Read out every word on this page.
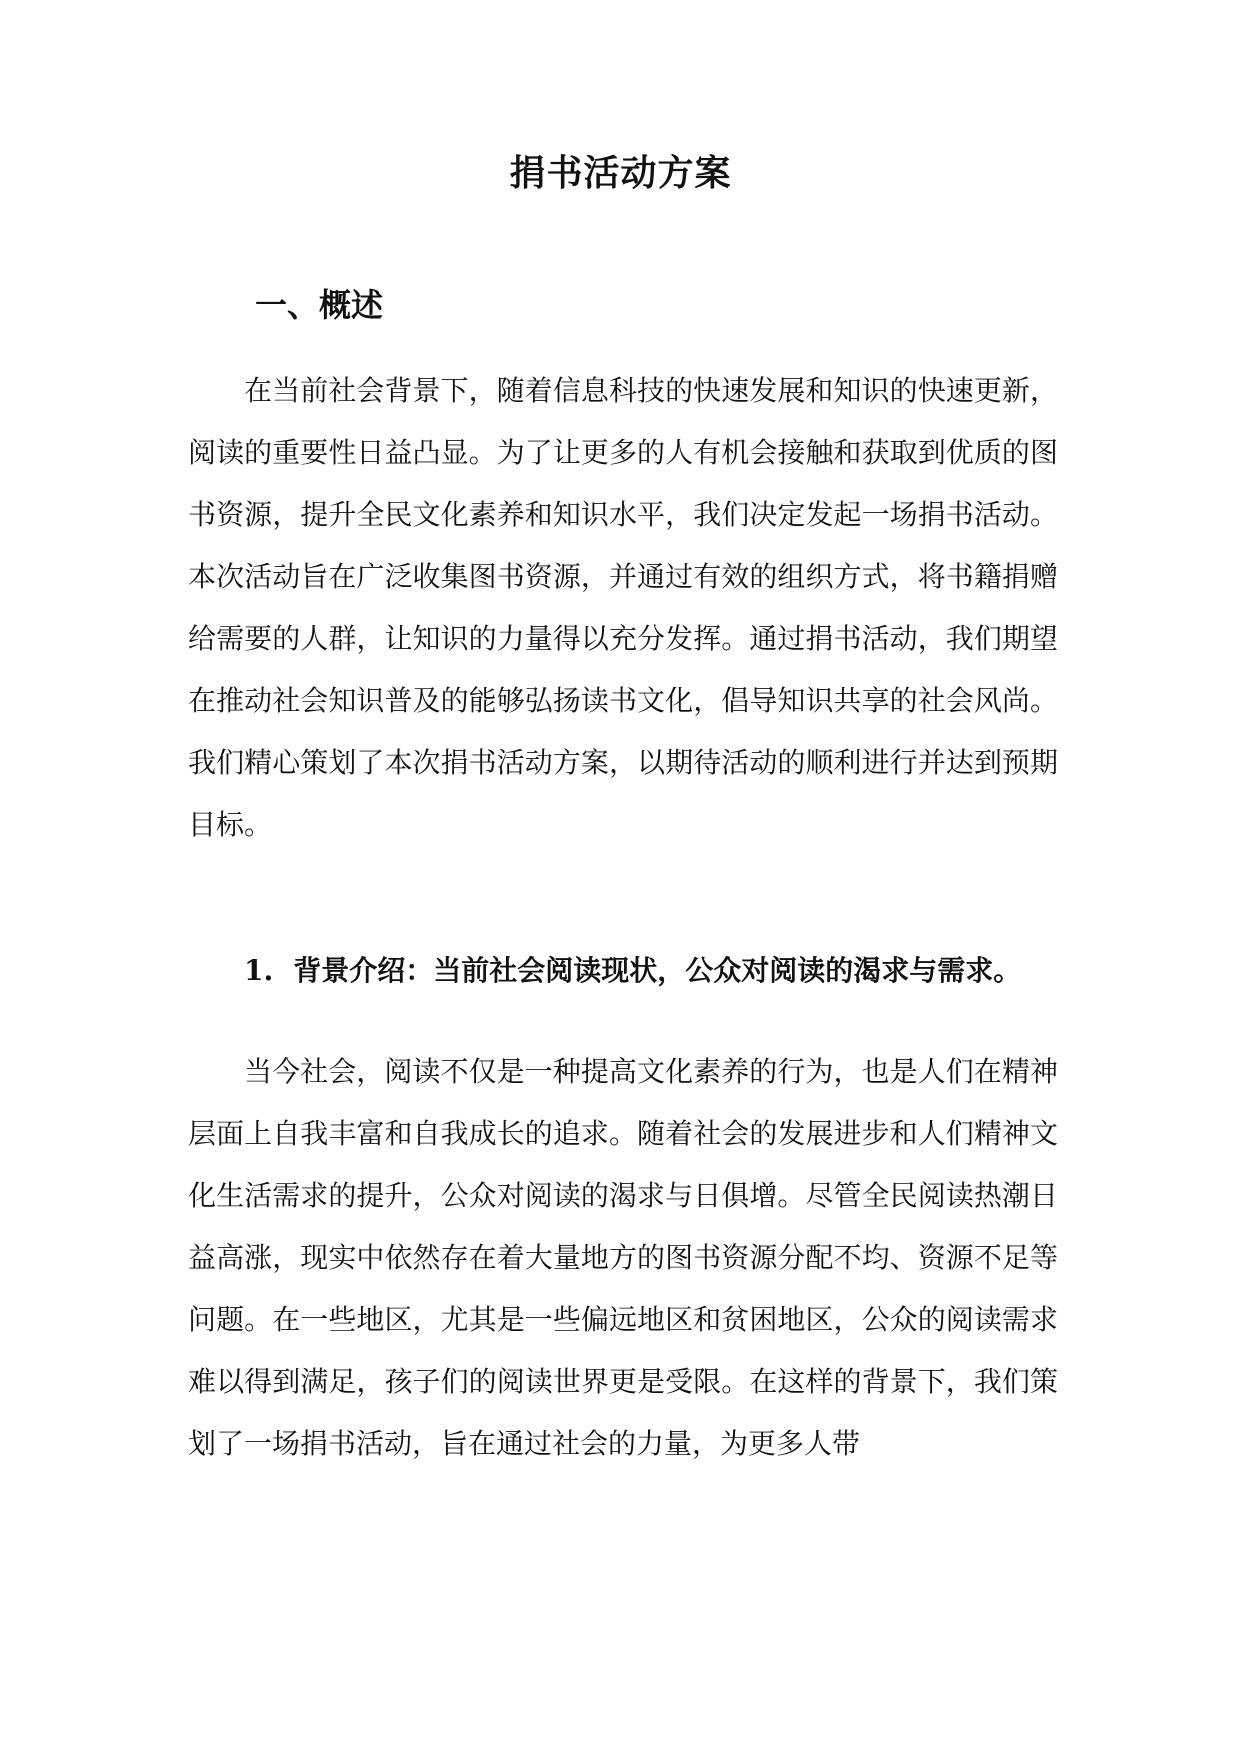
捐书活动方案
一、概述

在当前社会背景下，随着信息科技的快速发展和知识的快速更新，阅读的重要性日益凸显。为了让更多的人有机会接触和获取到优质的图书资源，提升全民文化素养和知识水平，我们决定发起一场捐书活动。本次活动旨在广泛收集图书资源，并通过有效的组织方式，将书籍捐赠给需要的人群，让知识的力量得以充分发挥。通过捐书活动，我们期望在推动社会知识普及的能够弘扬读书文化，倡导知识共享的社会风尚。我们精心策划了本次捐书活动方案，以期待活动的顺利进行并达到预期目标。

1. 背景介绍：当前社会阅读现状，公众对阅读的渴求与需求。

当今社会，阅读不仅是一种提高文化素养的行为，也是人们在精神层面上自我丰富和自我成长的追求。随着社会的发展进步和人们精神文化生活需求的提升，公众对阅读的渴求与日俱增。尽管全民阅读热潮日益高涨，现实中依然存在着大量地方的图书资源分配不均、资源不足等问题。在一些地区，尤其是一些偏远地区和贫困地区，公众的阅读需求难以得到满足，孩子们的阅读世界更是受限。在这样的背景下，我们策划了一场捐书活动，旨在通过社会的力量，为更多人带
